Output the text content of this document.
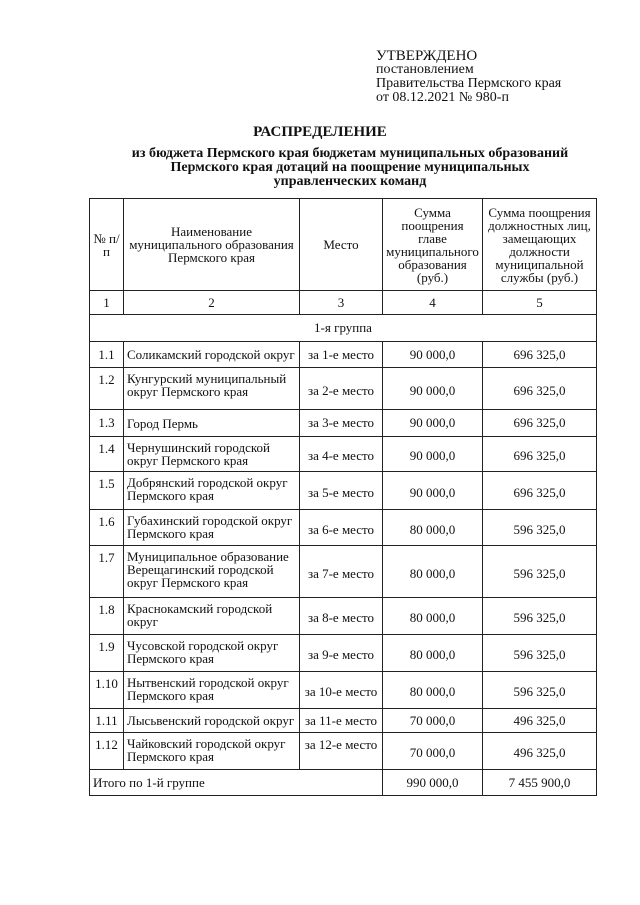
УТВЕРЖДЕНО
постановлением
Правительства Пермского края
от 08.12.2021 № 980-п
РАСПРЕДЕЛЕНИЕ
из бюджета Пермского края бюджетам муниципальных образований
Пермского края дотаций на поощрение муниципальных
управленческих команд
№ п/п	Наименование муниципального образования Пермского края	Место	Сумма поощрения главе муниципального образования (руб.)	Сумма поощрения должностных лиц, замещающих должности муниципальной службы (руб.)
1	2	3	4	5
1-я группа				
1.1	Соликамский городской округ	за 1-е место	90 000,0	696 325,0
1.2	Кунгурский муниципальный округ Пермского края	за 2-е место	90 000,0	696 325,0
1.3	Город Пермь	за 3-е место	90 000,0	696 325,0
1.4	Чернушинский городской округ Пермского края	за 4-е место	90 000,0	696 325,0
1.5	Добрянский городской округ Пермского края	за 5-е место	90 000,0	696 325,0
1.6	Губахинский городской округ Пермского края	за 6-е место	80 000,0	596 325,0
1.7	Муниципальное образование Верещагинский городской округ Пермского края	за 7-е место	80 000,0	596 325,0
1.8	Краснокамский городской округ	за 8-е место	80 000,0	596 325,0
1.9	Чусовской городской округ Пермского края	за 9-е место	80 000,0	596 325,0
1.10	Нытвенский городской округ Пермского края	за 10-е место	80 000,0	596 325,0
1.11	Лысьвенский городской округ	за 11-е место	70 000,0	496 325,0
1.12	Чайковский городской округ Пермского края	за 12-е место	70 000,0	496 325,0
Итого по 1-й группе			990 000,0	7 455 900,0
